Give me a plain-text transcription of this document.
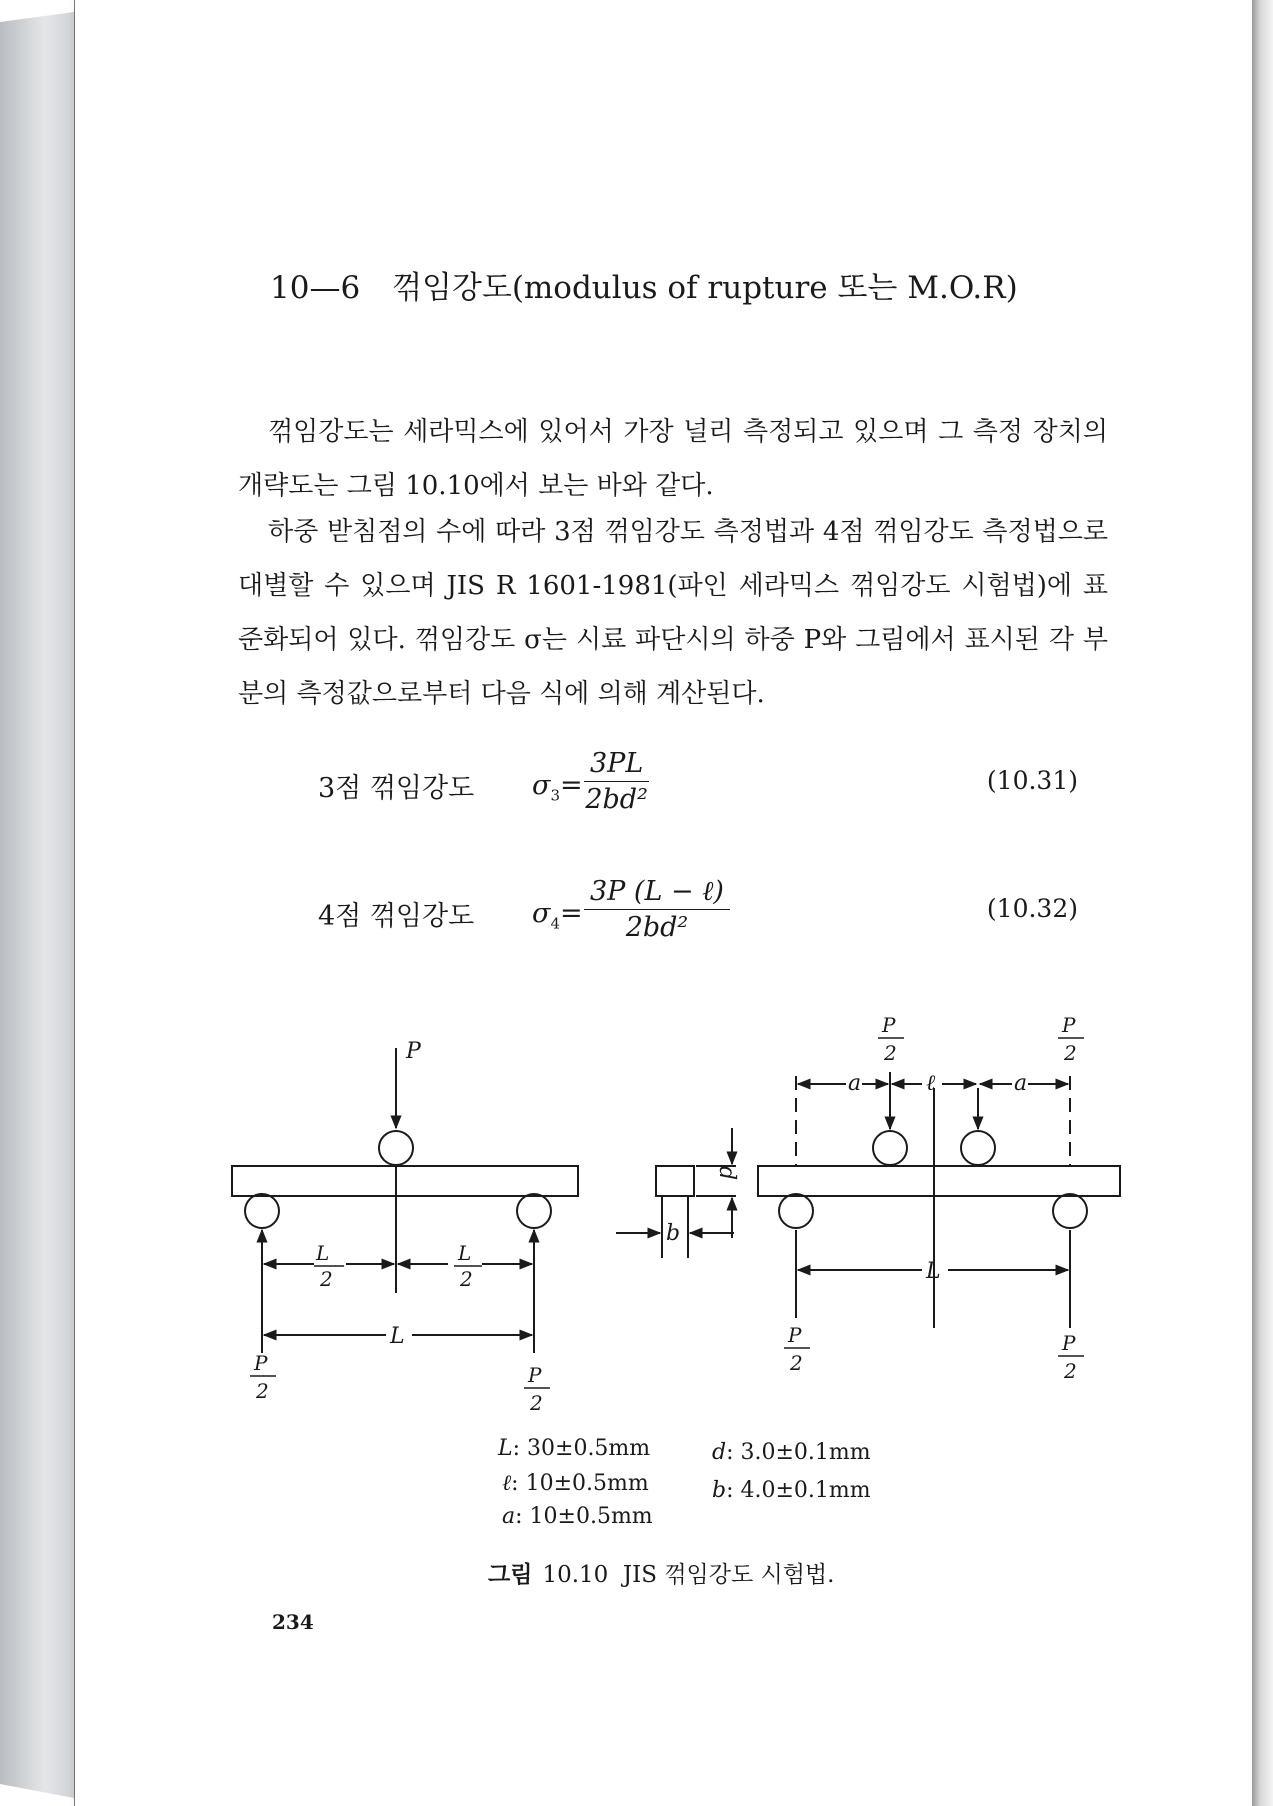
10—6 꺾임강도(modulus of rupture 또는 M.O.R)

꺾임강도는 세라믹스에 있어서 가장 널리 측정되고 있으며 그 측정 장치의 개략도는 그림 10.10에서 보는 바와 같다.

하중 받침점의 수에 따라 3점 꺾임강도 측정법과 4점 꺾임강도 측정법으로 대별할 수 있으며 JIS R 1601-1981(파인 세라믹스 꺾임강도 시험법)에 표준화되어 있다. 꺾임강도 σ는 시료 파단시의 하중 P와 그림에서 표시된 각 부분의 측정값으로부터 다음 식에 의해 계산된다.

3점 꺾임강도 $\sigma_3= \frac{3PL}{\text{2bd²}}$	(10.31)
4점 꺾임강도 $\sigma_4=$
3P (L − ℓ)
2bd²
(10.32)
P
L
2
L
2
L
P
2
P
2
b
d
a	ℓ	a
L
P
2
P
2
P
2
P
2
L: 30±0.5mm
ℓ: 10±0.5mm
a: 10±0.5mm
d: 3.0±0.1mm
b: 4.0±0.1mm
그림 10.10 JIS 꺾임강도 시험법.
234
